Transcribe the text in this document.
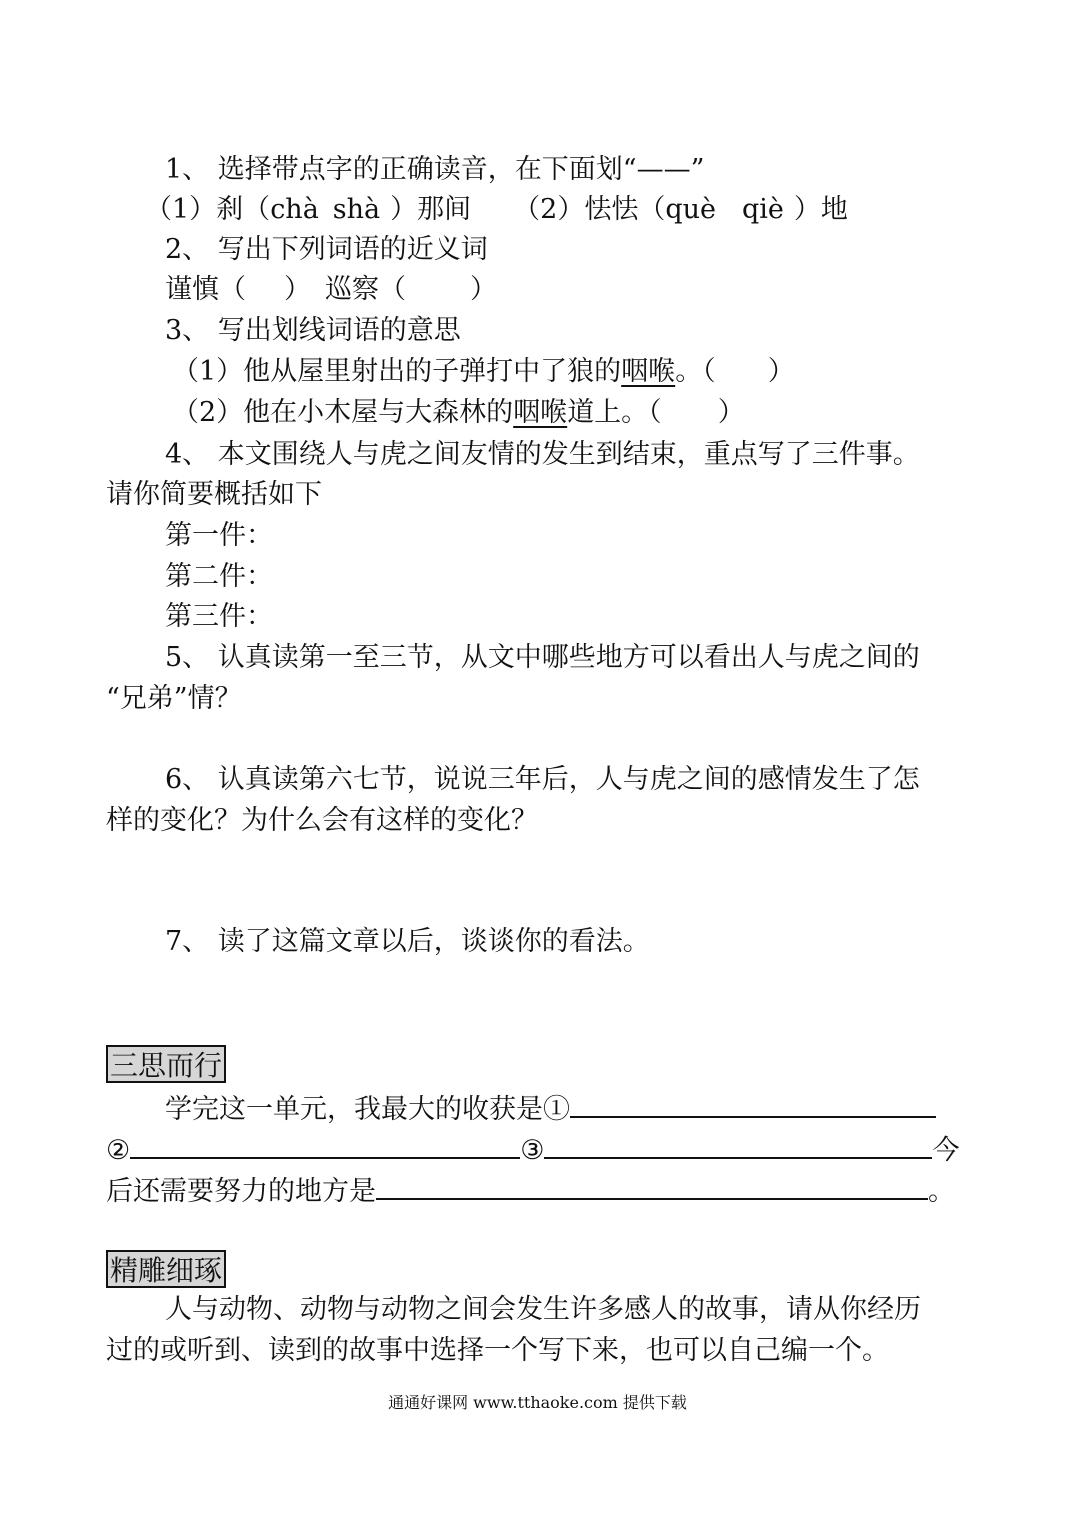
1、 选择带点字的正确读音，在下面划“——”
（1）刹（chà shà ）那间 （2）怯怯（què qiè ）地
2、 写出下列词语的近义词
谨慎（ ） 巡察（ ）
3、 写出划线词语的意思
（1）他从屋里射出的子弹打中了狼的咽喉。（ ）
（2）他在小木屋与大森林的咽喉道上。（ ）
4、 本文围绕人与虎之间友情的发生到结束，重点写了三件事。
请你简要概括如下
第一件：
第二件：
第三件：
5、 认真读第一至三节，从文中哪些地方可以看出人与虎之间的
“兄弟”情？
6、 认真读第六七节，说说三年后，人与虎之间的感情发生了怎
样的变化？为什么会有这样的变化？
7、 读了这篇文章以后，谈谈你的看法。
三思而行
学完这一单元，我最大的收获是①
②	③	今
后还需要努力的地方是	。
精雕细琢
人与动物、动物与动物之间会发生许多感人的故事，请从你经历
过的或听到、读到的故事中选择一个写下来，也可以自己编一个。
通通好课网 www.tthaoke.com 提供下载
